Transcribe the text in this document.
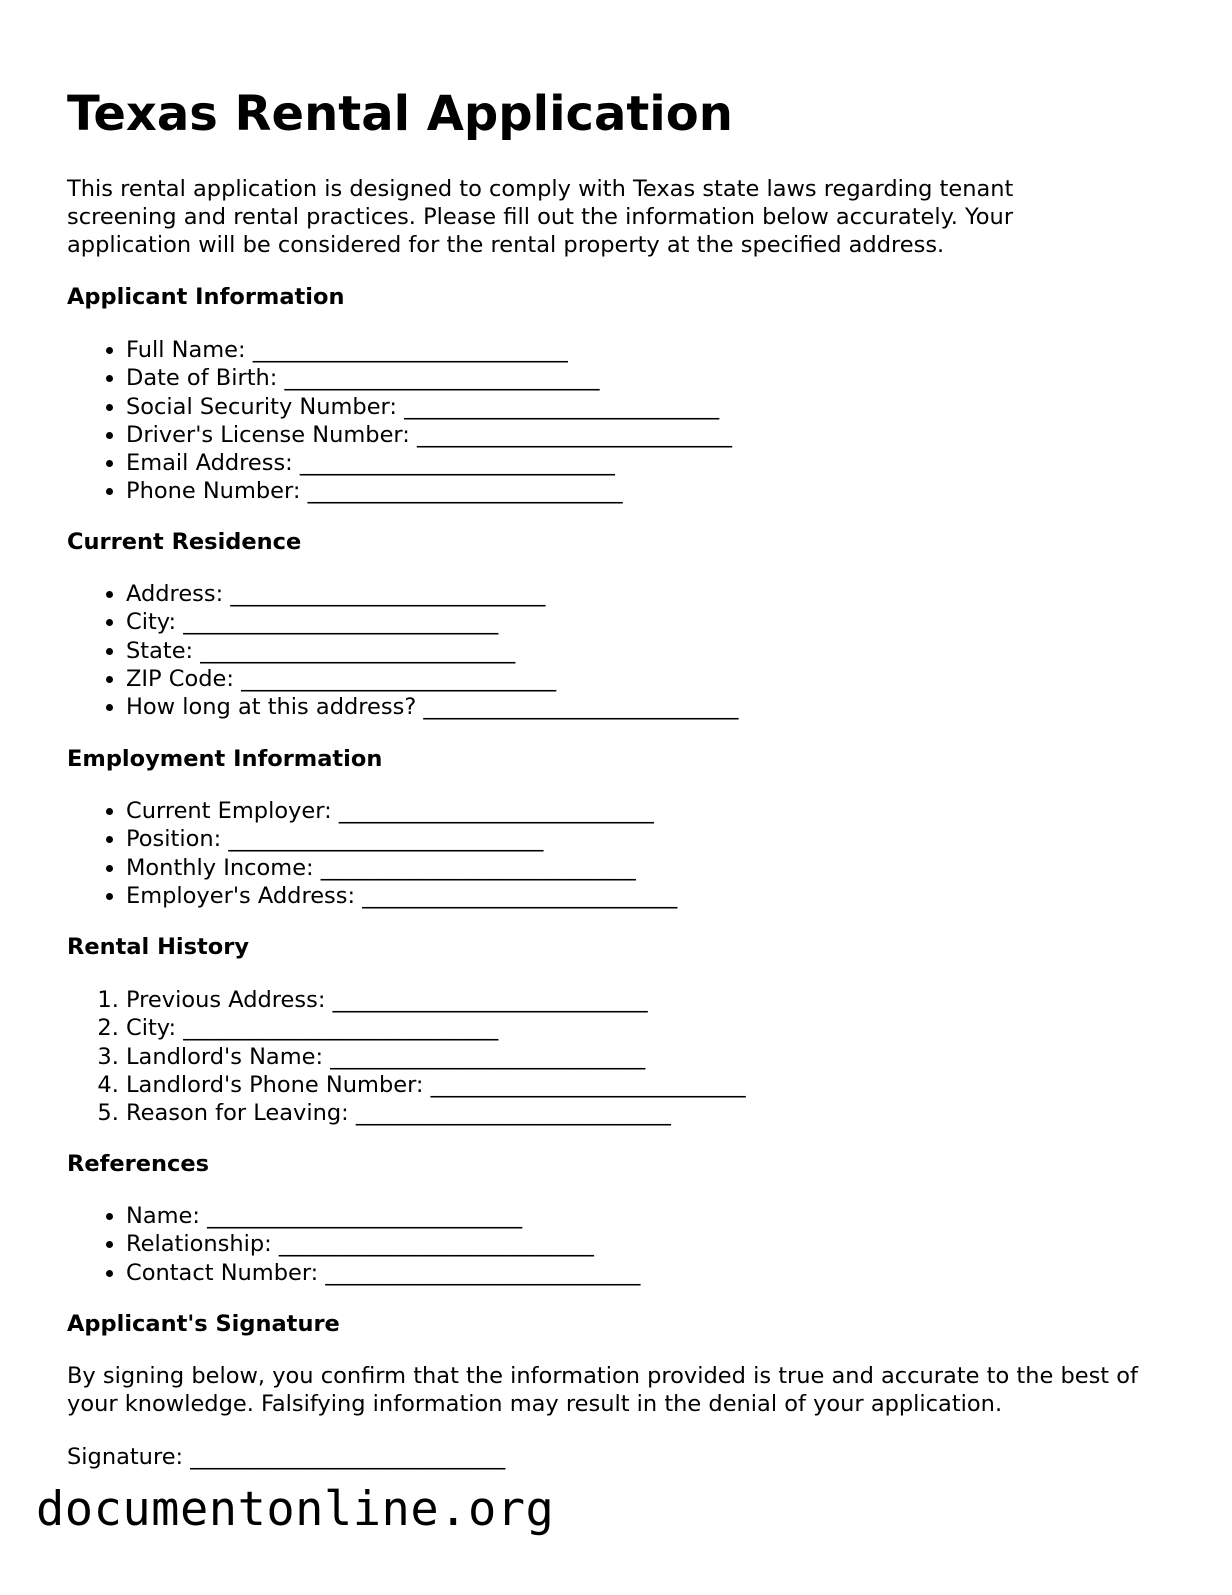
Texas Rental Application

This rental application is designed to comply with Texas state laws regarding tenant screening and rental practices. Please fill out the information below accurately. Your application will be considered for the rental property at the specified address.

Applicant Information
• Full Name: ____________________________
• Date of Birth: ____________________________
• Social Security Number: ____________________________
• Driver's License Number: ____________________________
• Email Address: ____________________________
• Phone Number: ____________________________
Current Residence
• Address: ____________________________
• City: ____________________________
• State: ____________________________
• ZIP Code: ____________________________
• How long at this address? ____________________________
Employment Information
• Current Employer: ____________________________
• Position: ____________________________
• Monthly Income: ____________________________
• Employer's Address: ____________________________
Rental History
1. Previous Address: ____________________________
2. City: ____________________________
3. Landlord's Name: ____________________________
4. Landlord's Phone Number: ____________________________
5. Reason for Leaving: ____________________________
References
• Name: ____________________________
• Relationship: ____________________________
• Contact Number: ____________________________
Applicant's Signature

By signing below, you confirm that the information provided is true and accurate to the best of your knowledge. Falsifying information may result in the denial of your application.

Signature: ____________________________

documentonline.org
